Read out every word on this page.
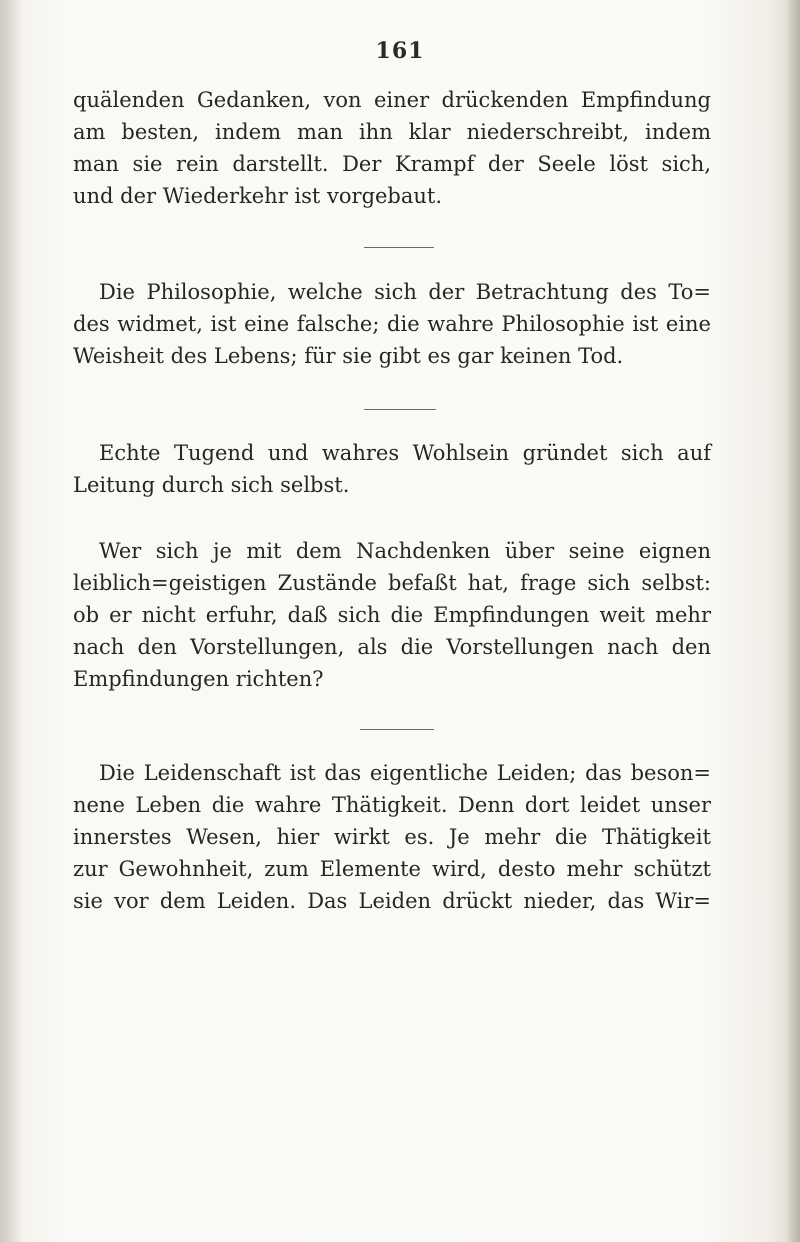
161
quälenden Gedanken, von einer drückenden Empfindung
am besten, indem man ihn klar niederschreibt, indem
man sie rein darstellt. Der Krampf der Seele löst sich,
und der Wiederkehr ist vorgebaut.
Die Philosophie, welche sich der Betrachtung des To=
des widmet, ist eine falsche; die wahre Philosophie ist eine
Weisheit des Lebens; für sie gibt es gar keinen Tod.
Echte Tugend und wahres Wohlsein gründet sich auf
Leitung durch sich selbst.
Wer sich je mit dem Nachdenken über seine eignen
leiblich=geistigen Zustände befaßt hat, frage sich selbst:
ob er nicht erfuhr, daß sich die Empfindungen weit mehr
nach den Vorstellungen, als die Vorstellungen nach den
Empfindungen richten?
Die Leidenschaft ist das eigentliche Leiden; das beson=
nene Leben die wahre Thätigkeit. Denn dort leidet unser
innerstes Wesen, hier wirkt es. Je mehr die Thätigkeit
zur Gewohnheit, zum Elemente wird, desto mehr schützt
sie vor dem Leiden. Das Leiden drückt nieder, das Wir=
